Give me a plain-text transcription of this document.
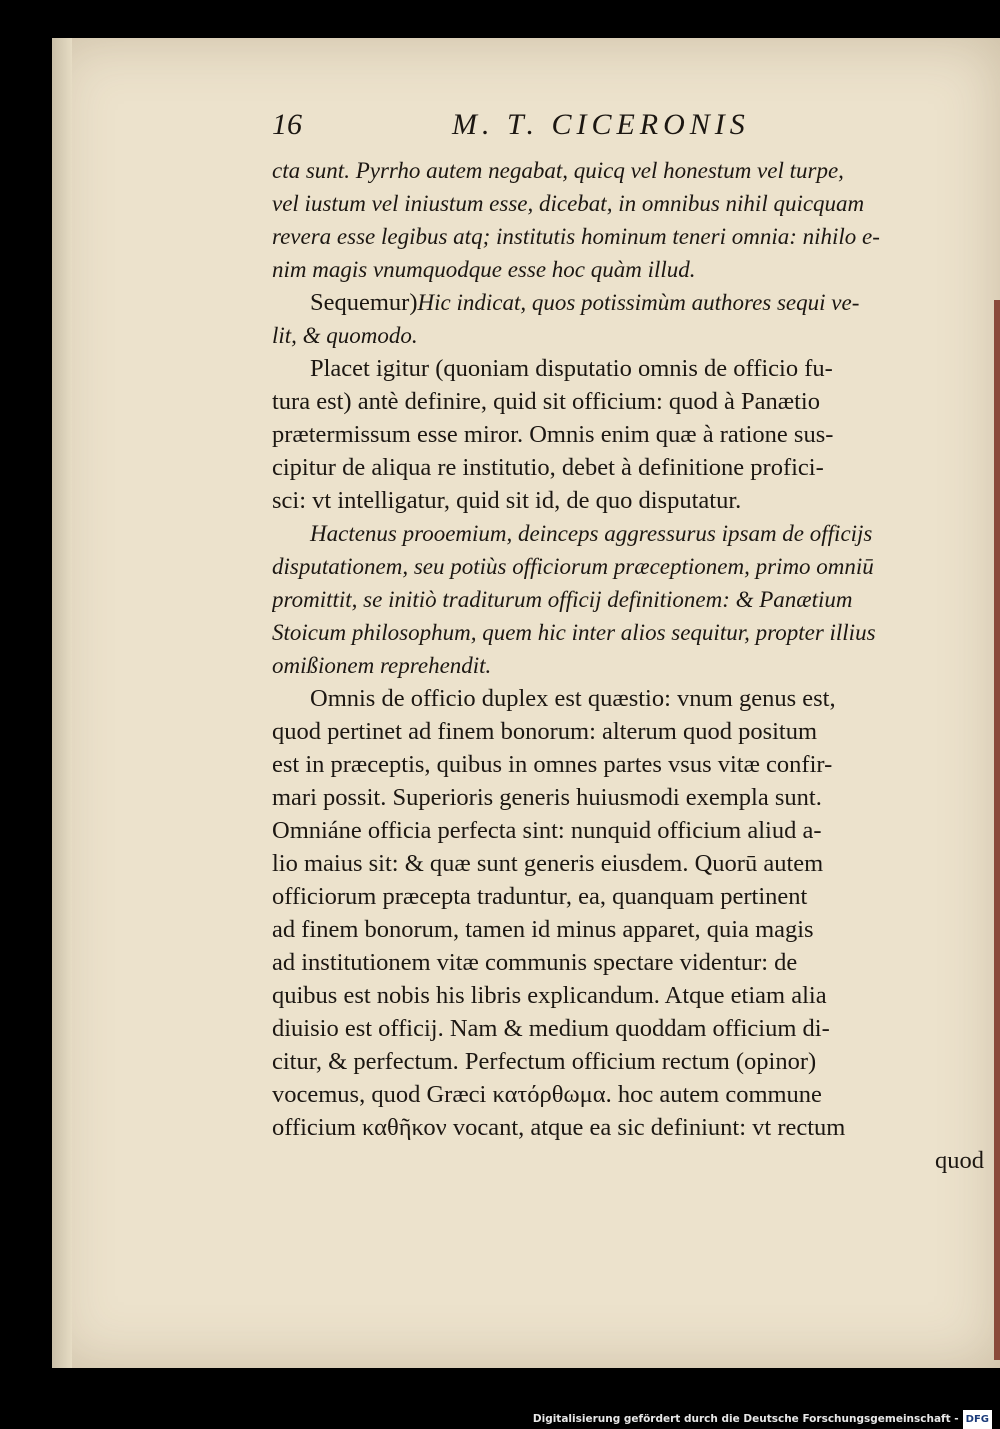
16	M. T. CICERONIS
cta sunt. Pyrrho autem negabat, quicq vel honestum vel turpe,
vel iustum vel iniustum esse, dicebat, in omnibus nihil quicquam
revera esse legibus atq; institutis hominum teneri omnia: nihilo e-
nim magis vnumquodque esse hoc quàm illud.
Sequemur)Hic indicat, quos potissimùm authores sequi ve-
lit, & quomodo.
Placet igitur (quoniam disputatio omnis de officio fu-
tura est) antè definire, quid sit officium: quod à Panætio
prætermissum esse miror. Omnis enim quæ à ratione sus-
cipitur de aliqua re institutio, debet à definitione profici-
sci: vt intelligatur, quid sit id, de quo disputatur.
Hactenus prooemium, deinceps aggressurus ipsam de officijs
disputationem, seu potiùs officiorum præceptionem, primo omniū
promittit, se initiò traditurum officij definitionem: & Panætium
Stoicum philosophum, quem hic inter alios sequitur, propter illius
omißionem reprehendit.
Omnis de officio duplex est quæstio: vnum genus est,
quod pertinet ad finem bonorum: alterum quod positum
est in præceptis, quibus in omnes partes vsus vitæ confir-
mari possit. Superioris generis huiusmodi exempla sunt.
Omniáne officia perfecta sint: nunquid officium aliud a-
lio maius sit: & quæ sunt generis eiusdem. Quorū autem
officiorum præcepta traduntur, ea, quanquam pertinent
ad finem bonorum, tamen id minus apparet, quia magis
ad institutionem vitæ communis spectare videntur: de
quibus est nobis his libris explicandum. Atque etiam alia
diuisio est officij. Nam & medium quoddam officium di-
citur, & perfectum. Perfectum officium rectum (opinor)
vocemus, quod Græci κατόρθωμα. hoc autem commune
officium καθῆκον vocant, atque ea sic definiunt: vt rectum
quod
Digitalisierung gefördert durch die Deutsche Forschungsgemeinschaft - DFG
